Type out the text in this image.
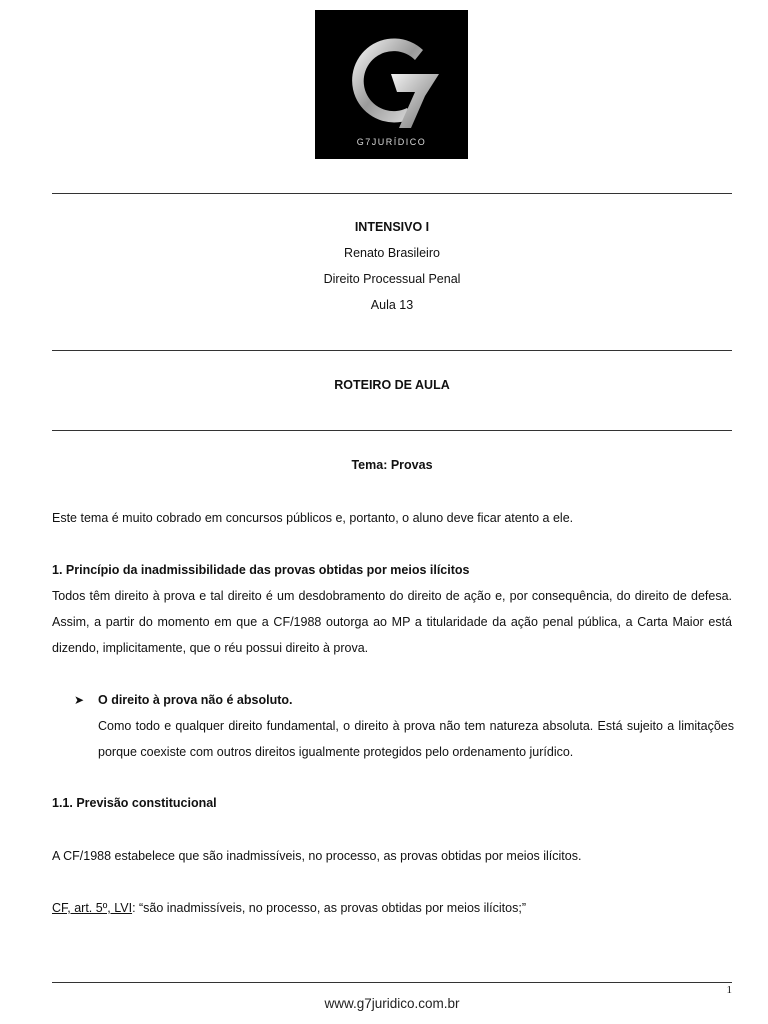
G7JURÍDICO
INTENSIVO I
Renato Brasileiro
Direito Processual Penal
Aula 13
ROTEIRO DE AULA
Tema: Provas
Este tema é muito cobrado em concursos públicos e, portanto, o aluno deve ficar atento a ele.
1. Princípio da inadmissibilidade das provas obtidas por meios ilícitos
Todos têm direito à prova e tal direito é um desdobramento do direito de ação e, por consequência, do direito de defesa. Assim, a partir do momento em que a CF/1988 outorga ao MP a titularidade da ação penal pública, a Carta Maior está dizendo, implicitamente, que o réu possui direito à prova.
➤ O direito à prova não é absoluto.
Como todo e qualquer direito fundamental, o direito à prova não tem natureza absoluta. Está sujeito a limitações porque coexiste com outros direitos igualmente protegidos pelo ordenamento jurídico.
1.1. Previsão constitucional
A CF/1988 estabelece que são inadmissíveis, no processo, as provas obtidas por meios ilícitos.
CF, art. 5º, LVI: “são inadmissíveis, no processo, as provas obtidas por meios ilícitos;”
1
www.g7juridico.com.br
